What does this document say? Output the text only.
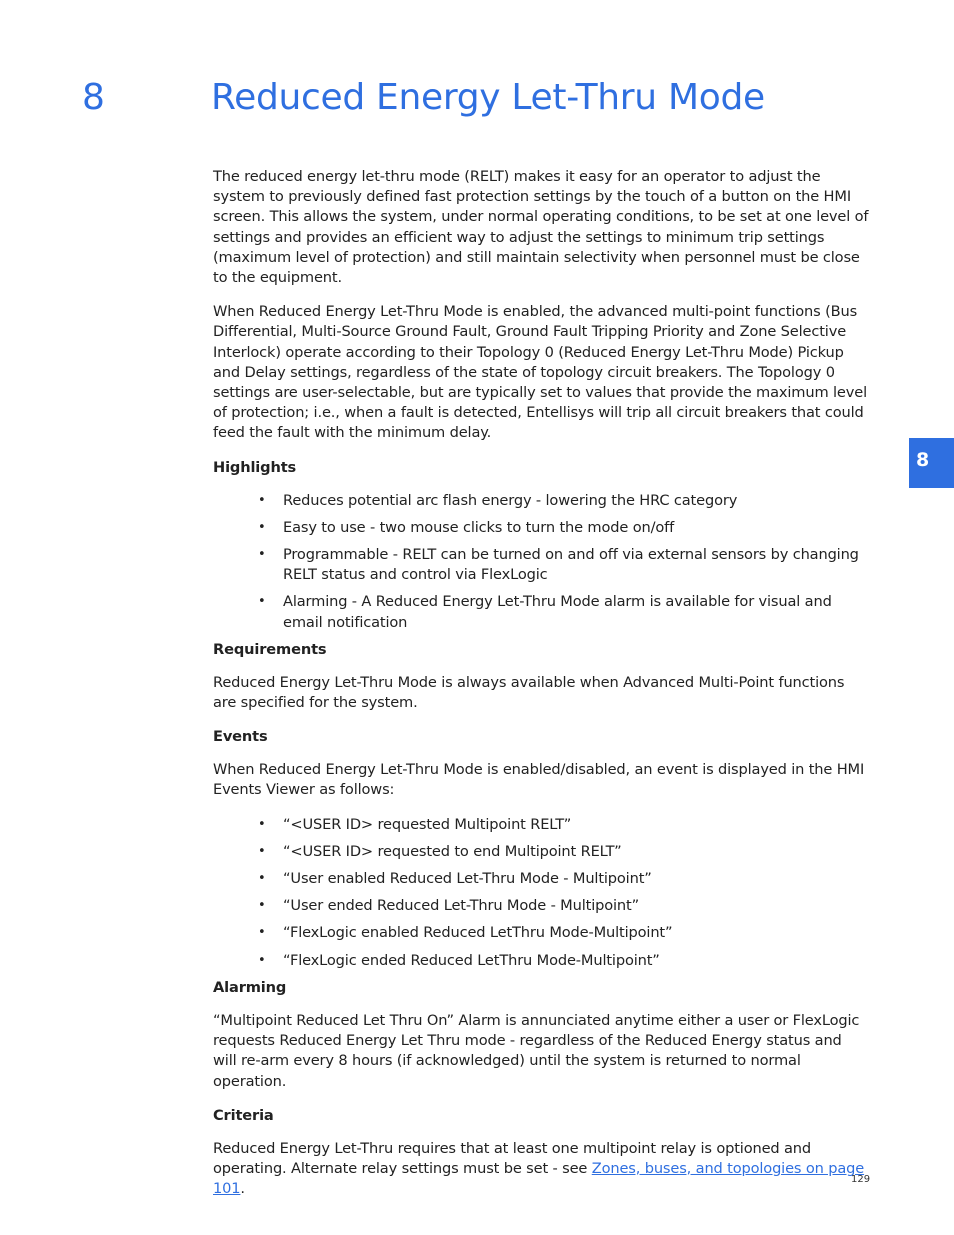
8	Reduced Energy Let-Thru Mode
8

The reduced energy let-thru mode (RELT) makes it easy for an operator to adjust the system to previously defined fast protection settings by the touch of a button on the HMI screen. This allows the system, under normal operating conditions, to be set at one level of settings and provides an efficient way to adjust the settings to minimum trip settings (maximum level of protection) and still maintain selectivity when personnel must be close to the equipment.

When Reduced Energy Let-Thru Mode is enabled, the advanced multi-point functions (Bus Differential, Multi-Source Ground Fault, Ground Fault Tripping Priority and Zone Selective Interlock) operate according to their Topology 0 (Reduced Energy Let-Thru Mode) Pickup and Delay settings, regardless of the state of topology circuit breakers. The Topology 0 settings are user-selectable, but are typically set to values that provide the maximum level of protection; i.e., when a fault is detected, Entellisys will trip all circuit breakers that could feed the fault with the minimum delay.

Highlights
• Reduces potential arc flash energy - lowering the HRC category
• Easy to use - two mouse clicks to turn the mode on/off
• Programmable - RELT can be turned on and off via external sensors by changing RELT status and control via FlexLogic
• Alarming - A Reduced Energy Let-Thru Mode alarm is available for visual and email notification
Requirements

Reduced Energy Let-Thru Mode is always available when Advanced Multi-Point functions are specified for the system.

Events

When Reduced Energy Let-Thru Mode is enabled/disabled, an event is displayed in the HMI Events Viewer as follows:

• “<USER ID> requested Multipoint RELT”
• “<USER ID> requested to end Multipoint RELT”
• “User enabled Reduced Let-Thru Mode - Multipoint”
• “User ended Reduced Let-Thru Mode - Multipoint”
• “FlexLogic enabled Reduced LetThru Mode-Multipoint”
• “FlexLogic ended Reduced LetThru Mode-Multipoint”
Alarming

“Multipoint Reduced Let Thru On” Alarm is annunciated anytime either a user or FlexLogic requests Reduced Energy Let Thru mode - regardless of the Reduced Energy status and will re-arm every 8 hours (if acknowledged) until the system is returned to normal operation.

Criteria

Reduced Energy Let-Thru requires that at least one multipoint relay is optioned and operating. Alternate relay settings must be set - see Zones, buses, and topologies on page 101.

129
